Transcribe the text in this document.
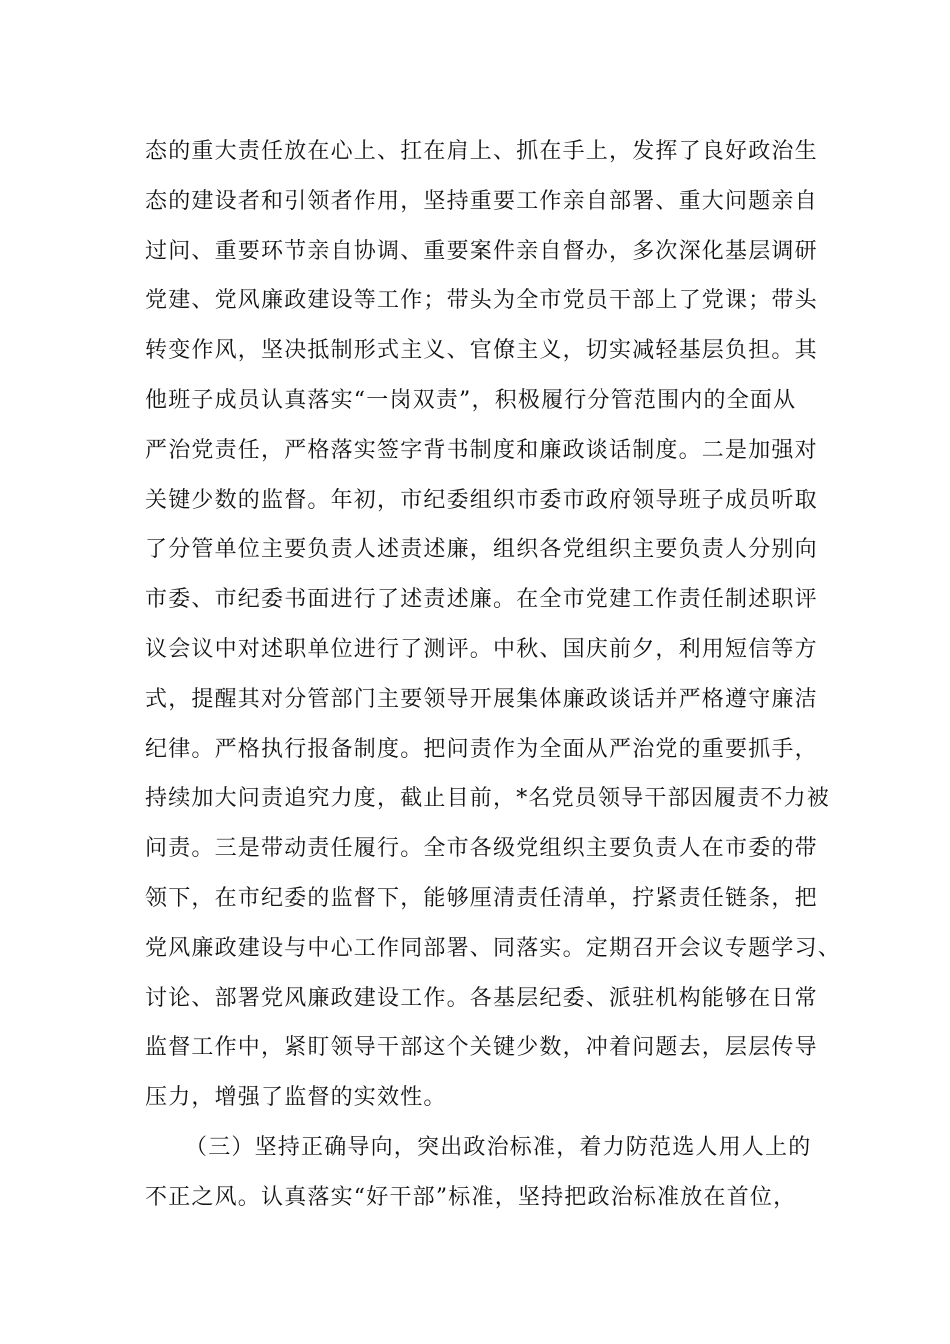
态的重大责任放在心上、扛在肩上、抓在手上，发挥了良好政治生
态的建设者和引领者作用，坚持重要工作亲自部署、重大问题亲自
过问、重要环节亲自协调、重要案件亲自督办，多次深化基层调研
党建、党风廉政建设等工作；带头为全市党员干部上了党课；带头
转变作风，坚决抵制形式主义、官僚主义，切实减轻基层负担。其
他班子成员认真落实“一岗双责”，积极履行分管范围内的全面从
严治党责任，严格落实签字背书制度和廉政谈话制度。二是加强对
关键少数的监督。年初，市纪委组织市委市政府领导班子成员听取
了分管单位主要负责人述责述廉，组织各党组织主要负责人分别向
市委、市纪委书面进行了述责述廉。在全市党建工作责任制述职评
议会议中对述职单位进行了测评。中秋、国庆前夕，利用短信等方
式，提醒其对分管部门主要领导开展集体廉政谈话并严格遵守廉洁
纪律。严格执行报备制度。把问责作为全面从严治党的重要抓手，
持续加大问责追究力度，截止目前，*名党员领导干部因履责不力被
问责。三是带动责任履行。全市各级党组织主要负责人在市委的带
领下，在市纪委的监督下，能够厘清责任清单，拧紧责任链条，把
党风廉政建设与中心工作同部署、同落实。定期召开会议专题学习、
讨论、部署党风廉政建设工作。各基层纪委、派驻机构能够在日常
监督工作中，紧盯领导干部这个关键少数，冲着问题去，层层传导
压力，增强了监督的实效性。
（三）坚持正确导向，突出政治标准，着力防范选人用人上的
不正之风。认真落实“好干部”标准，坚持把政治标准放在首位，
